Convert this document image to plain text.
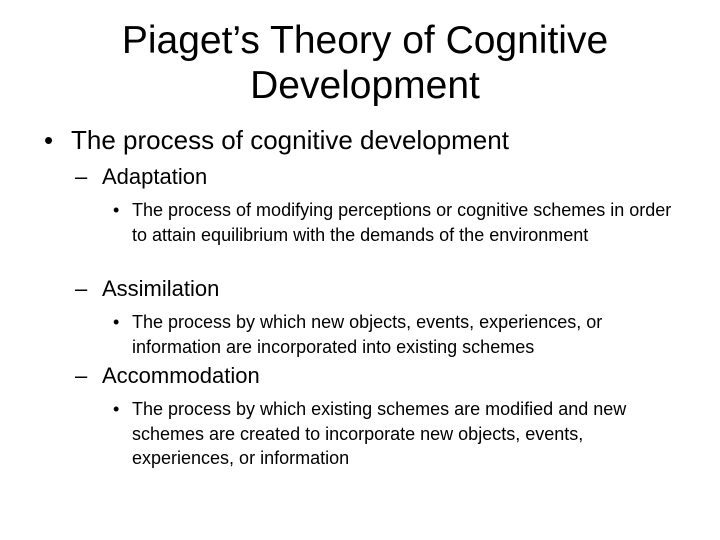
Piaget’s Theory of Cognitive
Development
• The process of cognitive development
– Adaptation
• The process of modifying perceptions or cognitive schemes in order to attain equilibrium with the demands of the environment
– Assimilation
• The process by which new objects, events, experiences, or information are incorporated into existing schemes
– Accommodation
• The process by which existing schemes are modified and new schemes are created to incorporate new objects, events, experiences, or information
